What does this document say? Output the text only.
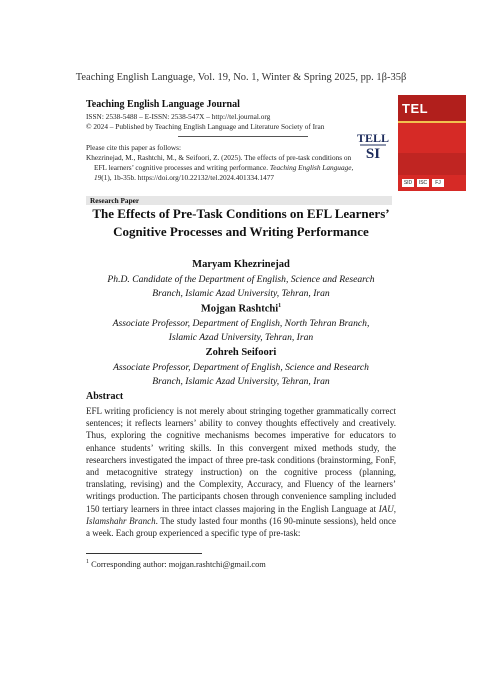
Teaching English Language, Vol. 19, No. 1, Winter & Spring 2025, pp. 1β-35β
Teaching English Language Journal
ISSN: 2538-5488 – E-ISSN: 2538-547X – http://tel.journal.org
© 2024 – Published by Teaching English Language and Literature Society of Iran
Please cite this paper as follows:
Khezrinejad, M., Rashtchi, M., & Seifoori, Z. (2025). The effects of pre-task conditions on
EFL learners’ cognitive processes and writing performance. Teaching English Language,
19(1), 1b-35b. https://doi.org/10.22132/tel.2024.401334.1477
TEL
SID	ISC	FJ
TELL
SI
Research Paper
The Effects of Pre-Task Conditions on EFL Learners’ Cognitive Processes and Writing Performance
Maryam Khezrinejad
Ph.D. Candidate of the Department of English, Science and Research
Branch, Islamic Azad University, Tehran, Iran
Mojgan Rashtchi$^1$
Associate Professor, Department of English, North Tehran Branch,
Islamic Azad University, Tehran, Iran
Zohreh Seifoori
Associate Professor, Department of English, Science and Research
Branch, Islamic Azad University, Tehran, Iran
Abstract
EFL writing proficiency is not merely about stringing together grammatically correct sentences; it reflects learners’ ability to convey thoughts effectively and creatively. Thus, exploring the cognitive mechanisms becomes imperative for educators to enhance students’ writing skills. In this convergent mixed methods study, the researchers investigated the impact of three pre-task conditions (brainstorming, FonF, and metacognitive strategy instruction) on the cognitive process (planning, translating, revising) and the Complexity, Accuracy, and Fluency of the learners’ writings production. The participants chosen through convenience sampling included 150 tertiary learners in three intact classes majoring in the English Language at IAU, Islamshahr Branch. The study lasted four months (16 90-minute sessions), held once a week. Each group experienced a specific type of pre-task:
$^1$ Corresponding author: mojgan.rashtchi@gmail.com
